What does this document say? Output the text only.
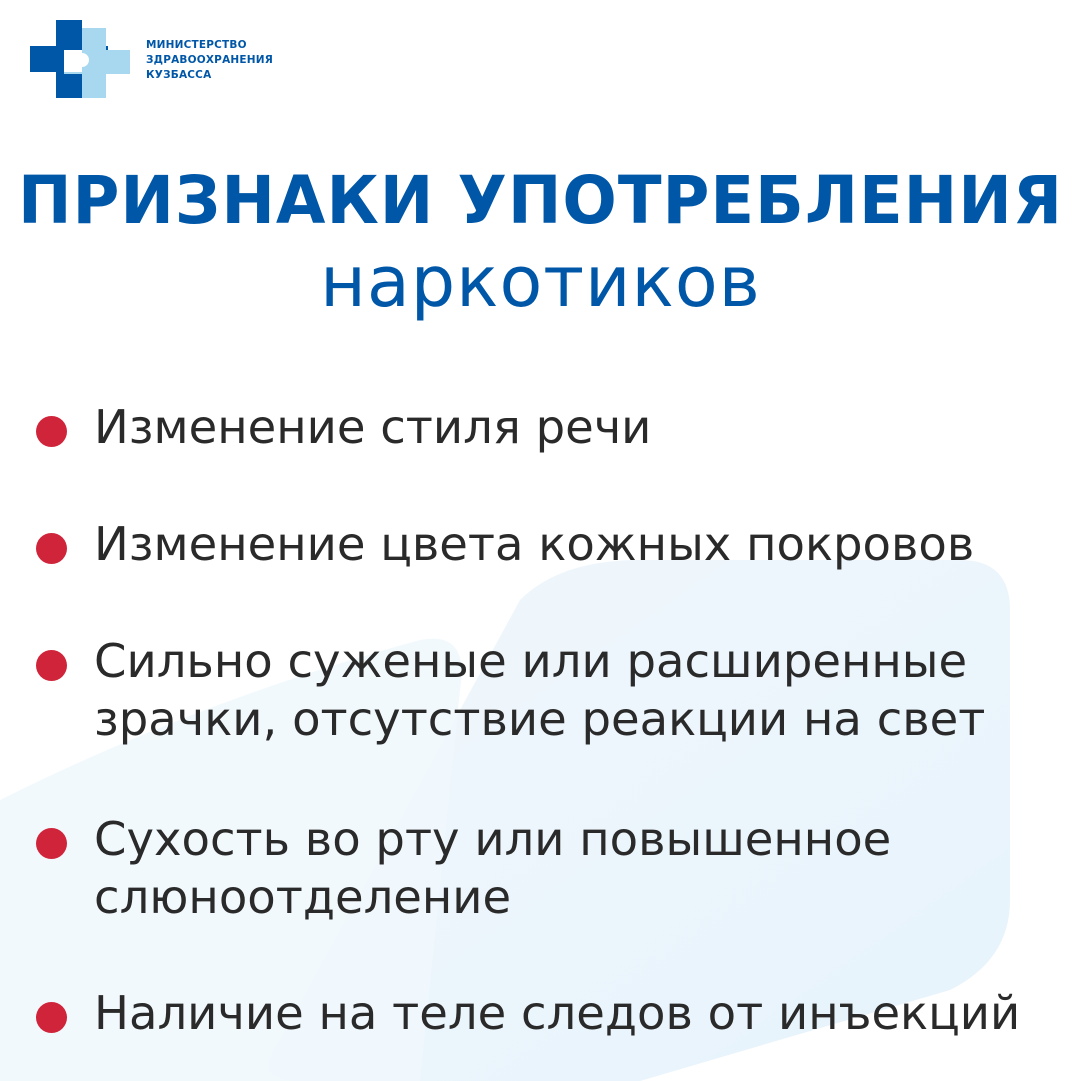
МИНИСТЕРСТВО
ЗДРАВООХРАНЕНИЯ
КУЗБАССА
ПРИЗНАКИ УПОТРЕБЛЕНИЯ
наркотиков
Изменение стиля речи
Изменение цвета кожных покровов
Сильно суженые или расширенные
зрачки, отсутствие реакции на свет
Сухость во рту или повышенное
слюноотделение
Наличие на теле следов от инъекций
